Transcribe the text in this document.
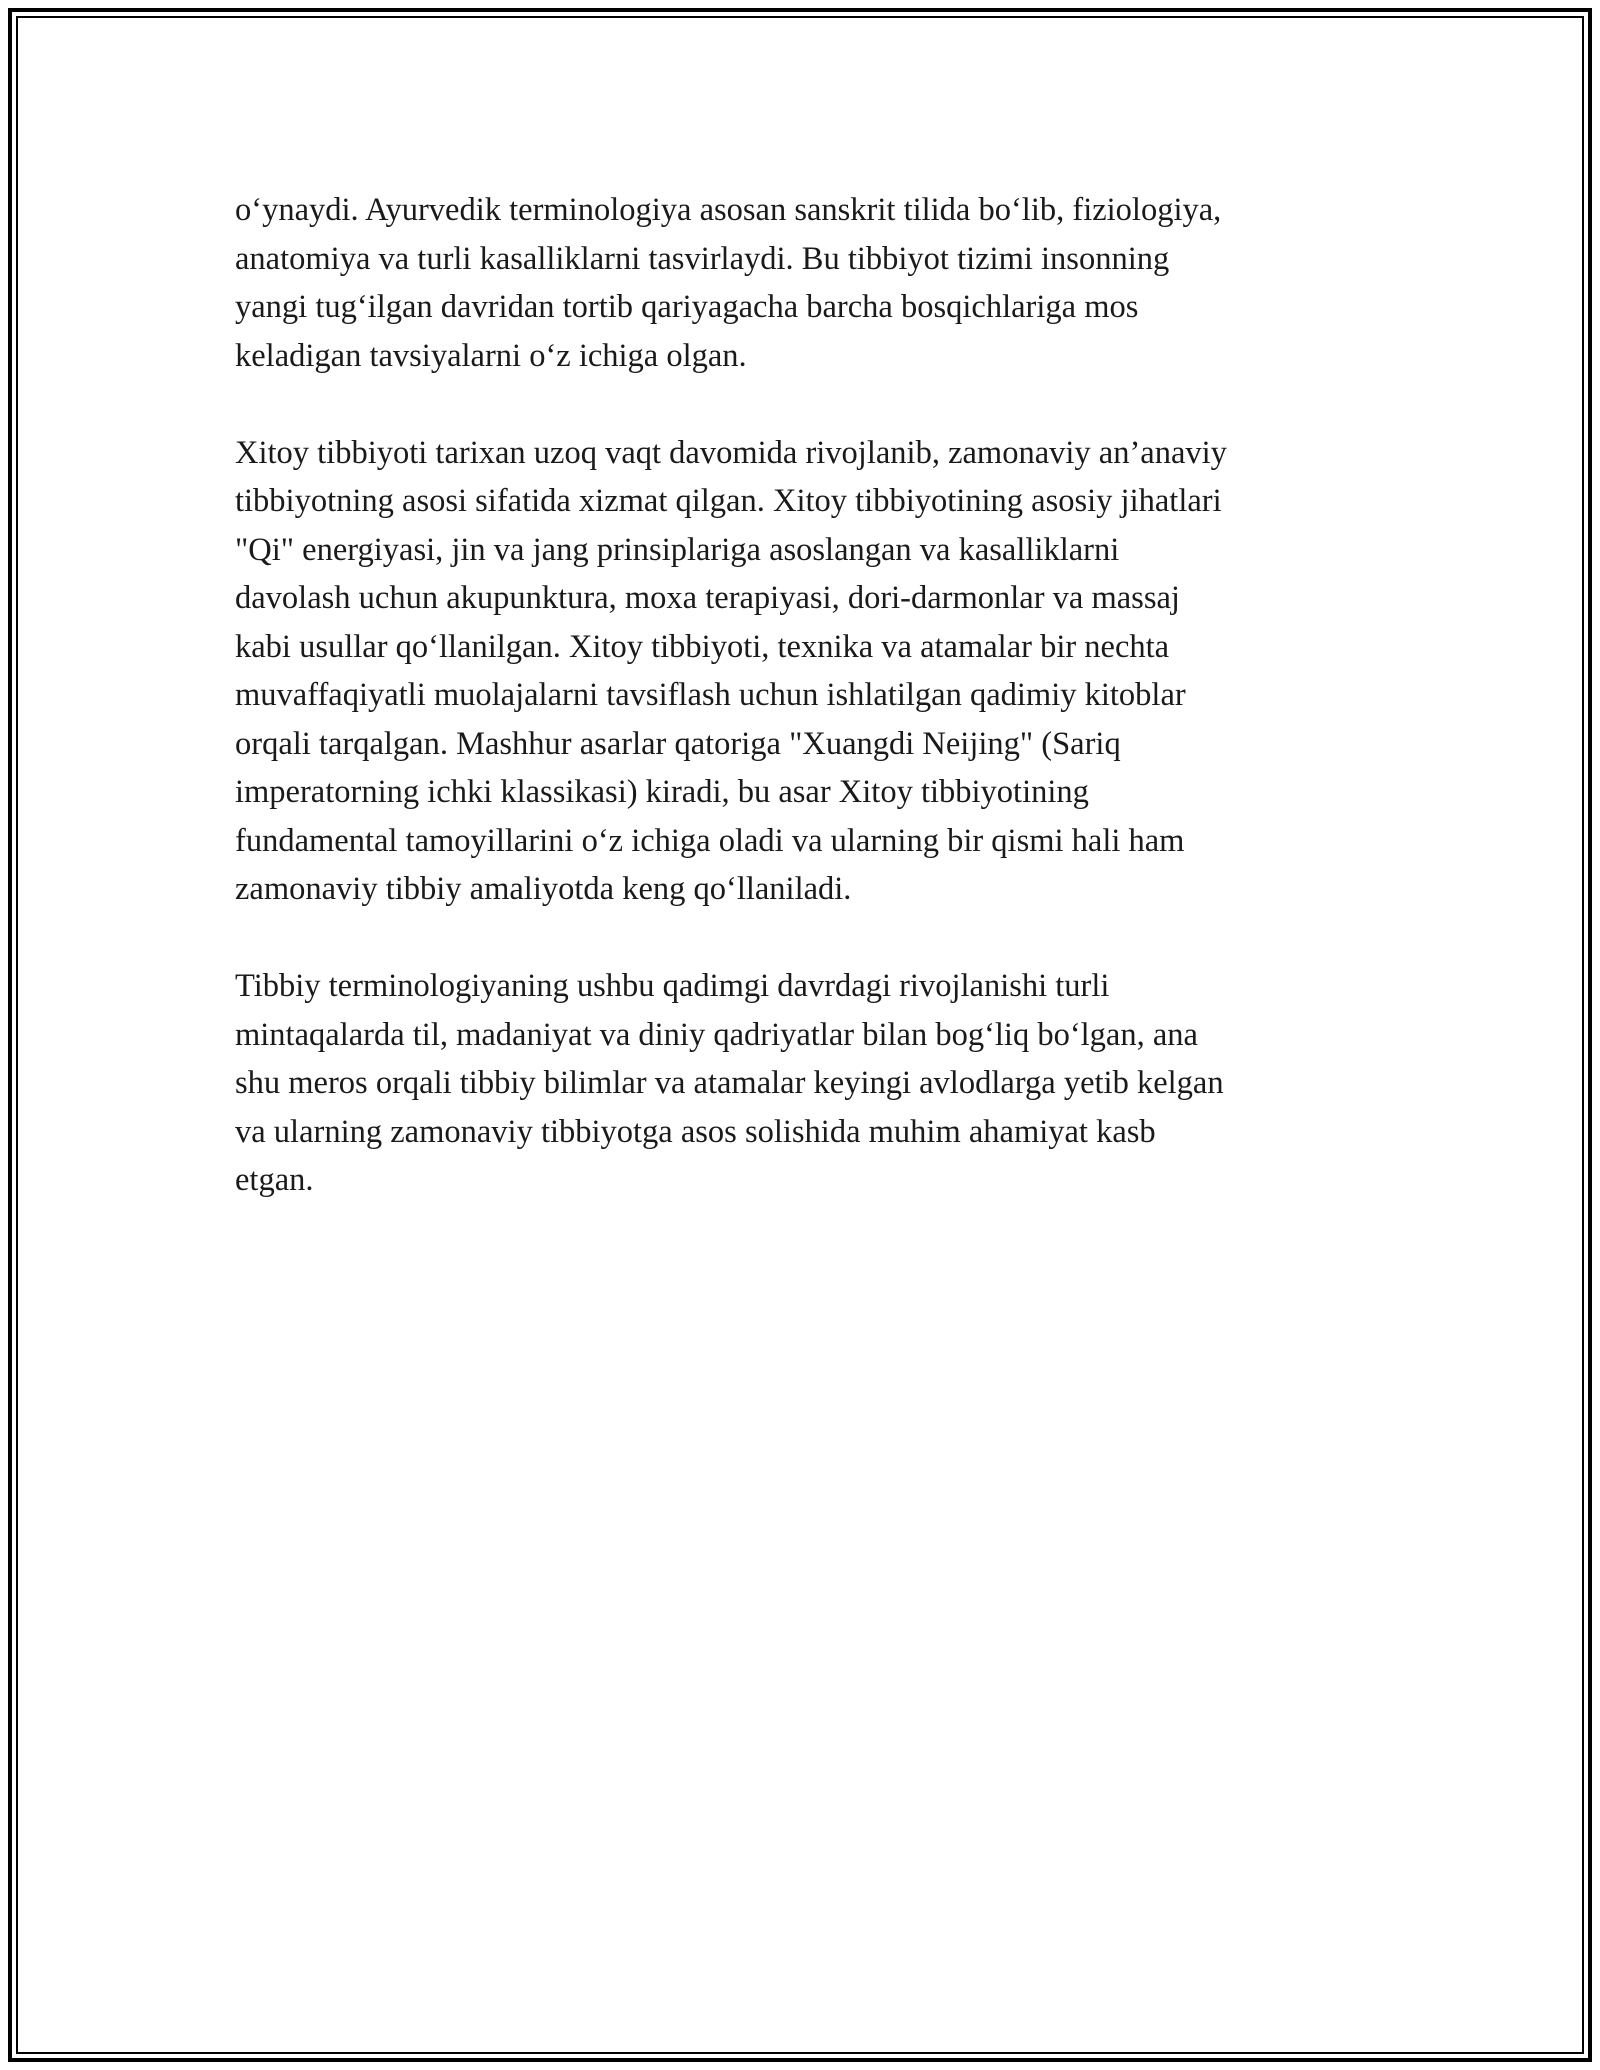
o‘ynaydi. Ayurvedik terminologiya asosan sanskrit tilida bo‘lib, fiziologiya,
anatomiya va turli kasalliklarni tasvirlaydi. Bu tibbiyot tizimi insonning
yangi tug‘ilgan davridan tortib qariyagacha barcha bosqichlariga mos
keladigan tavsiyalarni o‘z ichiga olgan.

Xitoy tibbiyoti tarixan uzoq vaqt davomida rivojlanib, zamonaviy an’anaviy
tibbiyotning asosi sifatida xizmat qilgan. Xitoy tibbiyotining asosiy jihatlari
"Qi" energiyasi, jin va jang prinsiplariga asoslangan va kasalliklarni
davolash uchun akupunktura, moxa terapiyasi, dori-darmonlar va massaj
kabi usullar qo‘llanilgan. Xitoy tibbiyoti, texnika va atamalar bir nechta
muvaffaqiyatli muolajalarni tavsiflash uchun ishlatilgan qadimiy kitoblar
orqali tarqalgan. Mashhur asarlar qatoriga "Xuangdi Neijing" (Sariq
imperatorning ichki klassikasi) kiradi, bu asar Xitoy tibbiyotining
fundamental tamoyillarini o‘z ichiga oladi va ularning bir qismi hali ham
zamonaviy tibbiy amaliyotda keng qo‘llaniladi.

Tibbiy terminologiyaning ushbu qadimgi davrdagi rivojlanishi turli
mintaqalarda til, madaniyat va diniy qadriyatlar bilan bog‘liq bo‘lgan, ana
shu meros orqali tibbiy bilimlar va atamalar keyingi avlodlarga yetib kelgan
va ularning zamonaviy tibbiyotga asos solishida muhim ahamiyat kasb
etgan.
